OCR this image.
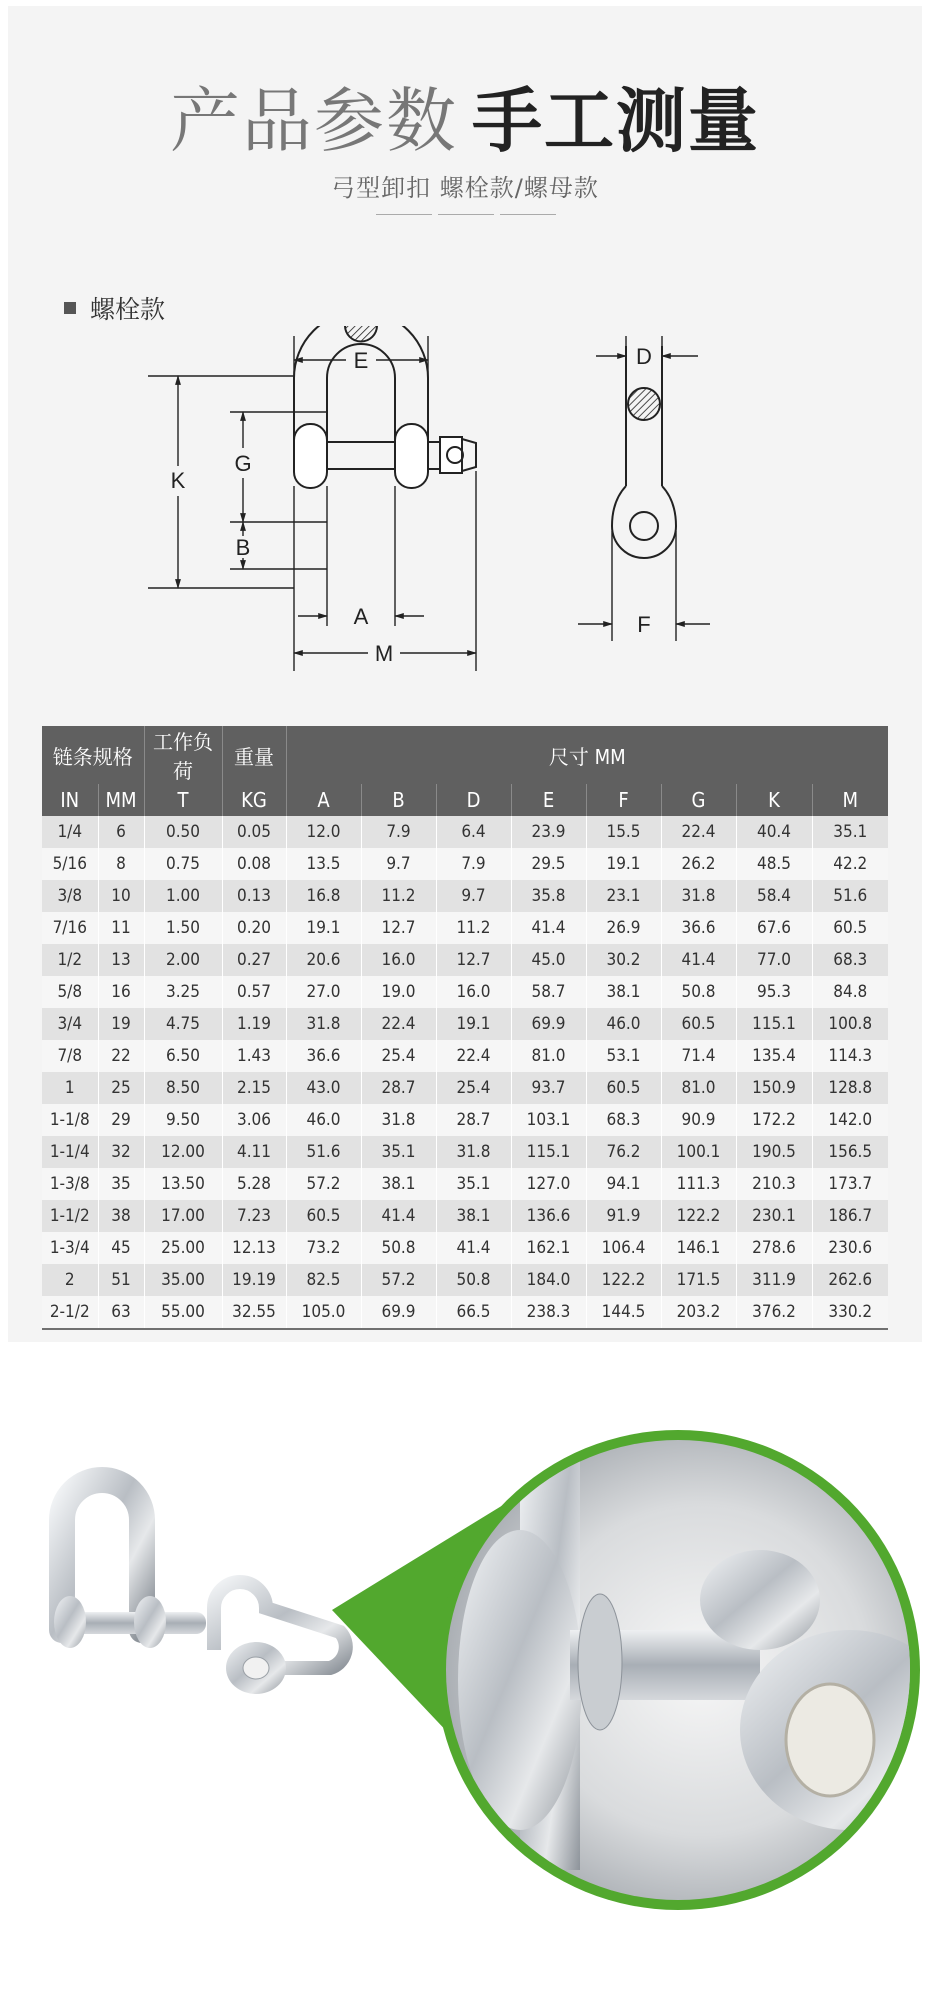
产品参数 手工测量
弓型卸扣 螺栓款/螺母款
螺栓款
E
K
G
B
A
M
D
F
链条规格		工作负荷	重量	尺寸 MM							
IN	MM	T	KG	A	B	D	E	F	G	K	M
1/4	6	0.50	0.05	12.0	7.9	6.4	23.9	15.5	22.4	40.4	35.1
5/16	8	0.75	0.08	13.5	9.7	7.9	29.5	19.1	26.2	48.5	42.2
3/8	10	1.00	0.13	16.8	11.2	9.7	35.8	23.1	31.8	58.4	51.6
7/16	11	1.50	0.20	19.1	12.7	11.2	41.4	26.9	36.6	67.6	60.5
1/2	13	2.00	0.27	20.6	16.0	12.7	45.0	30.2	41.4	77.0	68.3
5/8	16	3.25	0.57	27.0	19.0	16.0	58.7	38.1	50.8	95.3	84.8
3/4	19	4.75	1.19	31.8	22.4	19.1	69.9	46.0	60.5	115.1	100.8
7/8	22	6.50	1.43	36.6	25.4	22.4	81.0	53.1	71.4	135.4	114.3
1	25	8.50	2.15	43.0	28.7	25.4	93.7	60.5	81.0	150.9	128.8
1-1/8	29	9.50	3.06	46.0	31.8	28.7	103.1	68.3	90.9	172.2	142.0
1-1/4	32	12.00	4.11	51.6	35.1	31.8	115.1	76.2	100.1	190.5	156.5
1-3/8	35	13.50	5.28	57.2	38.1	35.1	127.0	94.1	111.3	210.3	173.7
1-1/2	38	17.00	7.23	60.5	41.4	38.1	136.6	91.9	122.2	230.1	186.7
1-3/4	45	25.00	12.13	73.2	50.8	41.4	162.1	106.4	146.1	278.6	230.6
2	51	35.00	19.19	82.5	57.2	50.8	184.0	122.2	171.5	311.9	262.6
2-1/2	63	55.00	32.55	105.0	69.9	66.5	238.3	144.5	203.2	376.2	330.2
